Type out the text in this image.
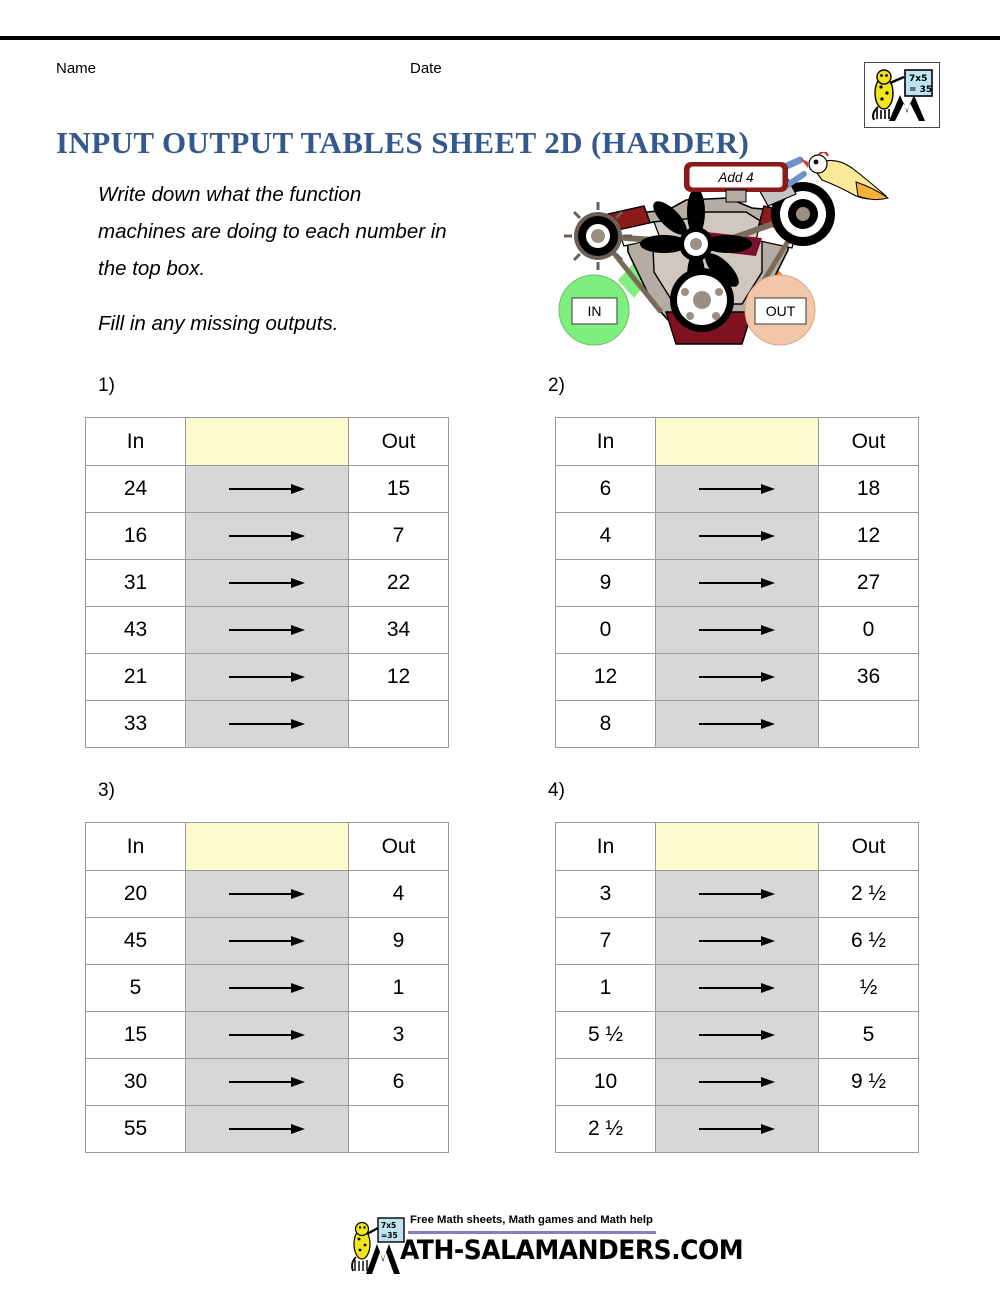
Name	Date
7x5
= 35
INPUT OUTPUT TABLES SHEET 2D (HARDER)

Write down what the function machines are doing to each number in the top box.

Fill in any missing outputs.

Add 4
IN	OUT
1)
In		Out
24		15
16		7
31		22
43		34
21		12
33	

2)
In		Out
6		18
4		12
9		27
0		0
12		36
8	

3)
In		Out
20		4
45		9
5		1
15		3
30		6
55	

4)
In		Out
3		2 ½
7		6 ½
1		½
5 ½		5
10		9 ½
2 ½	

7x5
=35
Free Math sheets, Math games and Math help
ATH-SALAMANDERS.COM
